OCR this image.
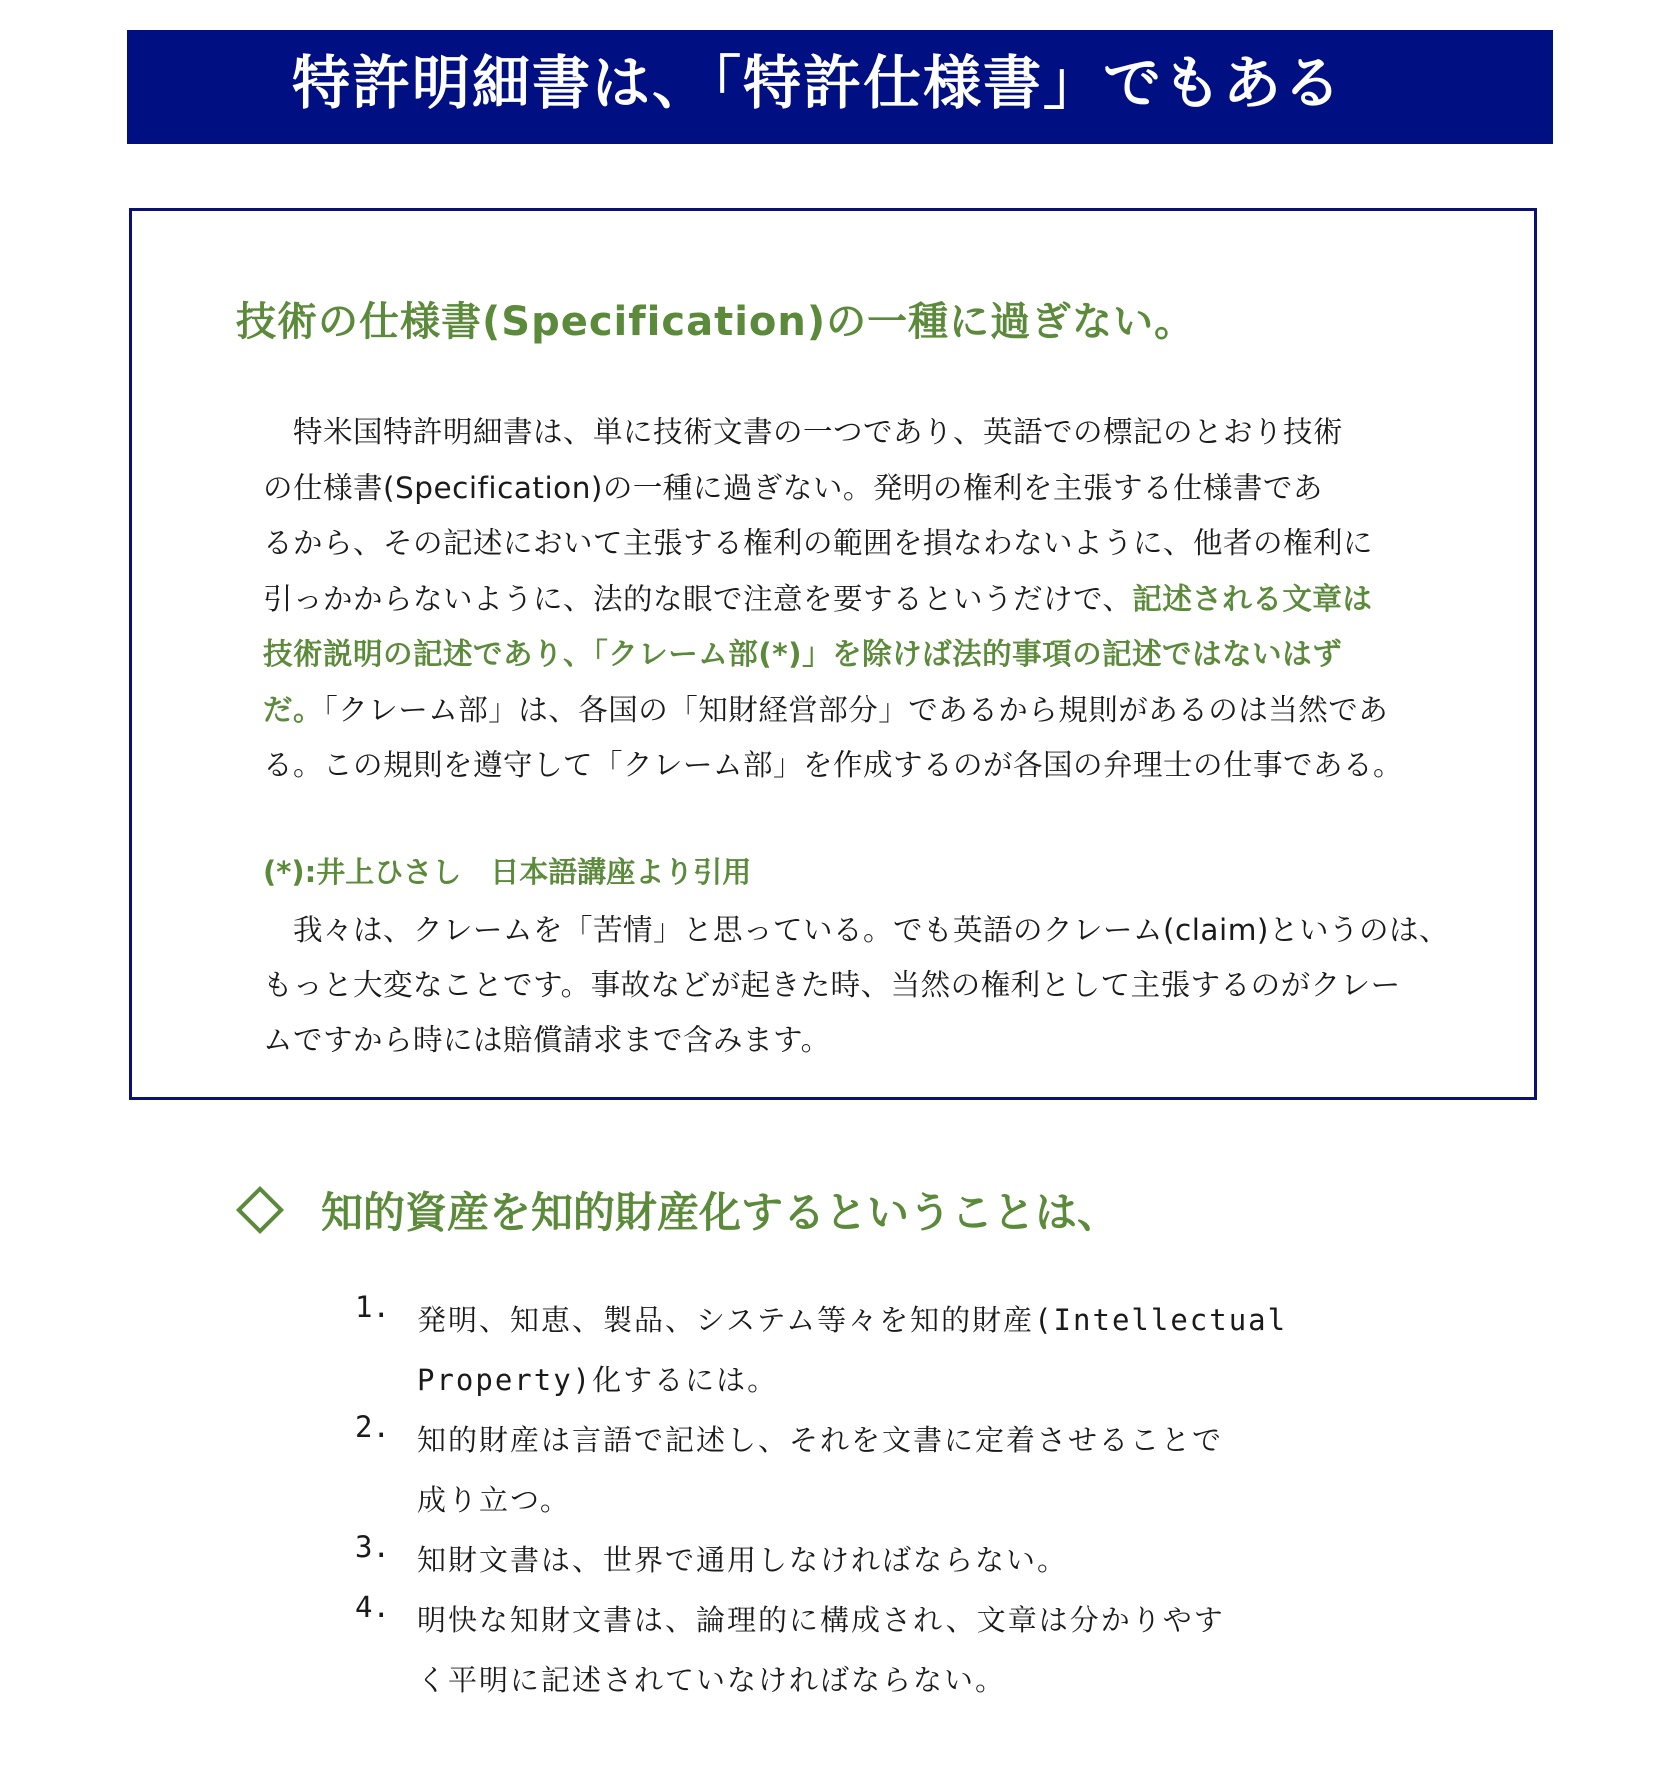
特許明細書は、「特許仕様書」でもある
技術の仕様書(Specification)の一種に過ぎない。
　特米国特許明細書は、単に技術文書の一つであり、英語での標記のとおり技術
の仕様書(Specification)の一種に過ぎない。発明の権利を主張する仕様書であ
るから、その記述において主張する権利の範囲を損なわないように、他者の権利に
引っかからないように、法的な眼で注意を要するというだけで、記述される文章は
技術説明の記述であり、「クレーム部(*)」を除けば法的事項の記述ではないはず
だ。「クレーム部」は、各国の「知財経営部分」であるから規則があるのは当然であ
る。この規則を遵守して「クレーム部」を作成するのが各国の弁理士の仕事である。
(*):井上ひさし　日本語講座より引用
　我々は、クレームを「苦情」と思っている。でも英語のクレーム(claim)というのは、
もっと大変なことです。事故などが起きた時、当然の権利として主張するのがクレー
ムですから時には賠償請求まで含みます。
知的資産を知的財産化するということは、
1. 発明、知恵、製品、システム等々を知的財産(Intellectual
Property)化するには。
2. 知的財産は言語で記述し、それを文書に定着させることで
成り立つ。
3. 知財文書は、世界で通用しなければならない。
4. 明快な知財文書は、論理的に構成され、文章は分かりやす
く平明に記述されていなければならない。
